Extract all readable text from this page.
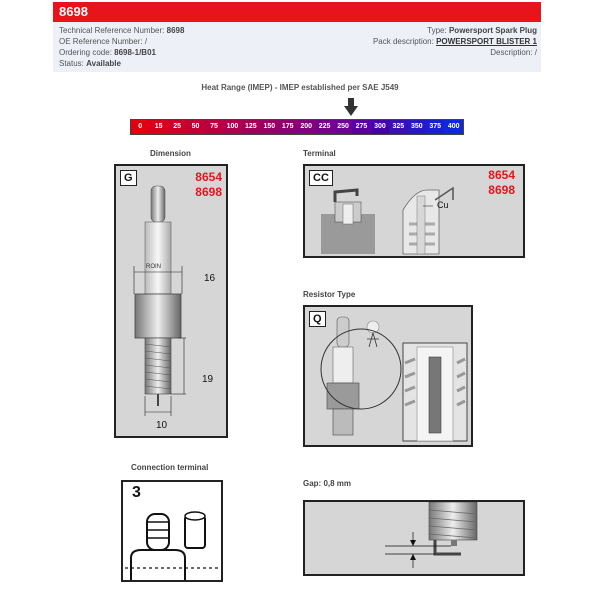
8698
Technical Reference Number: 8698
OE Reference Number: /
Ordering code: 8698-1/B01
Status: Available
Type: Powersport Spark Plug
Pack description: POWERSPORT BLISTER 1
Description: /
Heat Range (IMEP) - IMEP established per SAE J549
0	15	25	50	75	100 125 150 175 200 225 250 275 300 325 350 375 400
Dimension
G	8654
8698
ROIN
16
19
10
Terminal
CC	8654
8698
Cu
Resistor Type
Q
Connection terminal
3
Gap: 0,8 mm
